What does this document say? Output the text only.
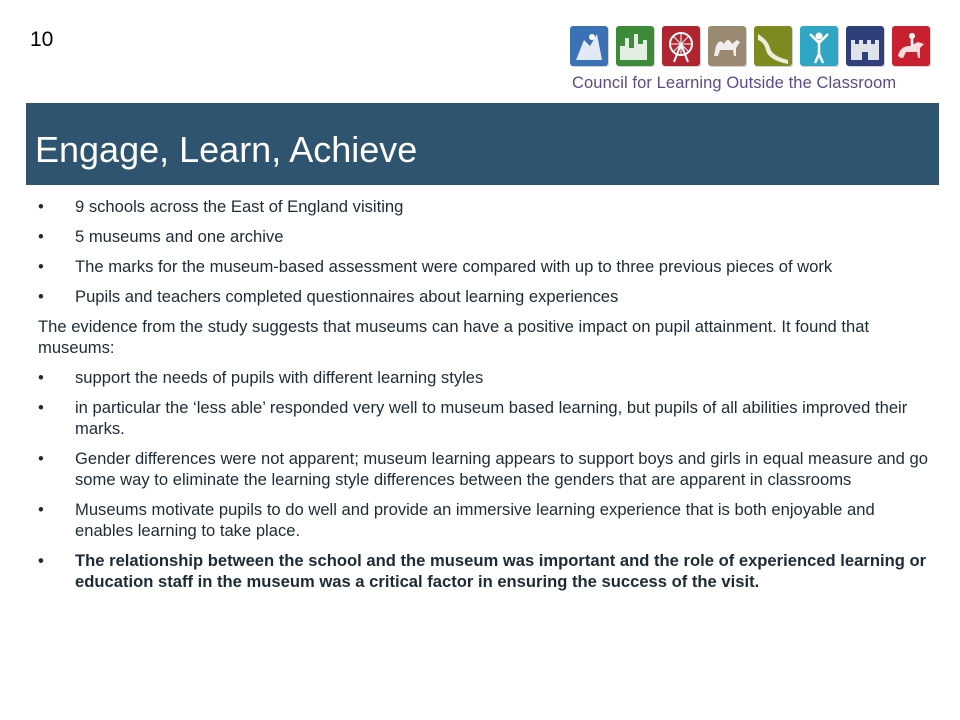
10
Council for Learning Outside the Classroom
Engage, Learn, Achieve
• 9 schools across the East of England visiting
• 5 museums and one archive
• The marks for the museum-based assessment were compared with up to three previous pieces of work
• Pupils and teachers completed questionnaires about learning experiences
The evidence from the study suggests that museums can have a positive impact on pupil attainment. It found that museums:
• support the needs of pupils with different learning styles
• in particular the ‘less able’ responded very well to museum based learning, but pupils of all abilities improved their marks.
• Gender differences were not apparent; museum learning appears to support boys and girls in equal measure and go some way to eliminate the learning style differences between the genders that are apparent in classrooms
• Museums motivate pupils to do well and provide an immersive learning experience that is both enjoyable and enables learning to take place.
• The relationship between the school and the museum was important and the role of experienced learning or education staff in the museum was a critical factor in ensuring the success of the visit.
